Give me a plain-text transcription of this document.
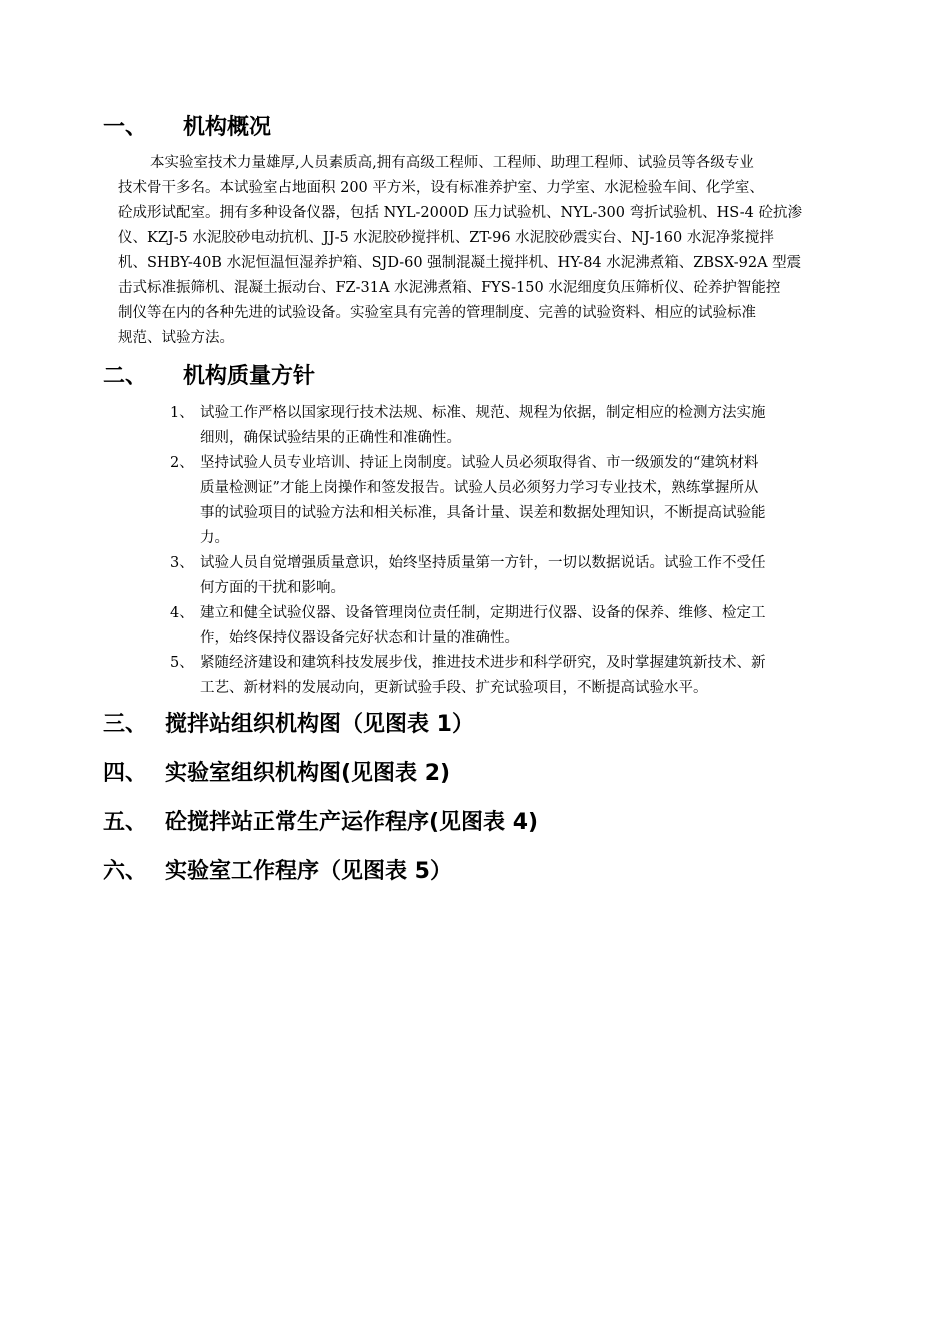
一、 机构概况
本实验室技术力量雄厚,人员素质高,拥有高级工程师、工程师、助理工程师、试验员等各级专业
技术骨干多名。本试验室占地面积 200 平方米，设有标准养护室、力学室、水泥检验车间、化学室、
砼成形试配室。拥有多种设备仪器，包括 NYL-2000D 压力试验机、NYL-300 弯折试验机、HS-4 砼抗渗
仪、KZJ-5 水泥胶砂电动抗机、JJ-5 水泥胶砂搅拌机、ZT-96 水泥胶砂震实台、NJ-160 水泥净浆搅拌
机、SHBY-40B 水泥恒温恒湿养护箱、SJD-60 强制混凝土搅拌机、HY-84 水泥沸煮箱、ZBSX-92A 型震
击式标准振筛机、混凝土振动台、FZ-31A 水泥沸煮箱、FYS-150 水泥细度负压筛析仪、砼养护智能控
制仪等在内的各种先进的试验设备。实验室具有完善的管理制度、完善的试验资料、相应的试验标准
规范、试验方法。
二、 机构质量方针
1、 试验工作严格以国家现行技术法规、标准、规范、规程为依据，制定相应的检测方法实施
细则，确保试验结果的正确性和准确性。
2、 坚持试验人员专业培训、持证上岗制度。试验人员必须取得省、市一级颁发的“建筑材料
质量检测证”才能上岗操作和签发报告。试验人员必须努力学习专业技术，熟练掌握所从
事的试验项目的试验方法和相关标准，具备计量、误差和数据处理知识，不断提高试验能
力。
3、 试验人员自觉增强质量意识，始终坚持质量第一方针，一切以数据说话。试验工作不受任
何方面的干扰和影响。
4、 建立和健全试验仪器、设备管理岗位责任制，定期进行仪器、设备的保养、维修、检定工
作，始终保持仪器设备完好状态和计量的准确性。
5、 紧随经济建设和建筑科技发展步伐，推进技术进步和科学研究，及时掌握建筑新技术、新
工艺、新材料的发展动向，更新试验手段、扩充试验项目，不断提高试验水平。
三、 搅拌站组织机构图（见图表 1）
四、 实验室组织机构图(见图表 2)
五、 砼搅拌站正常生产运作程序(见图表 4)
六、 实验室工作程序（见图表 5）
